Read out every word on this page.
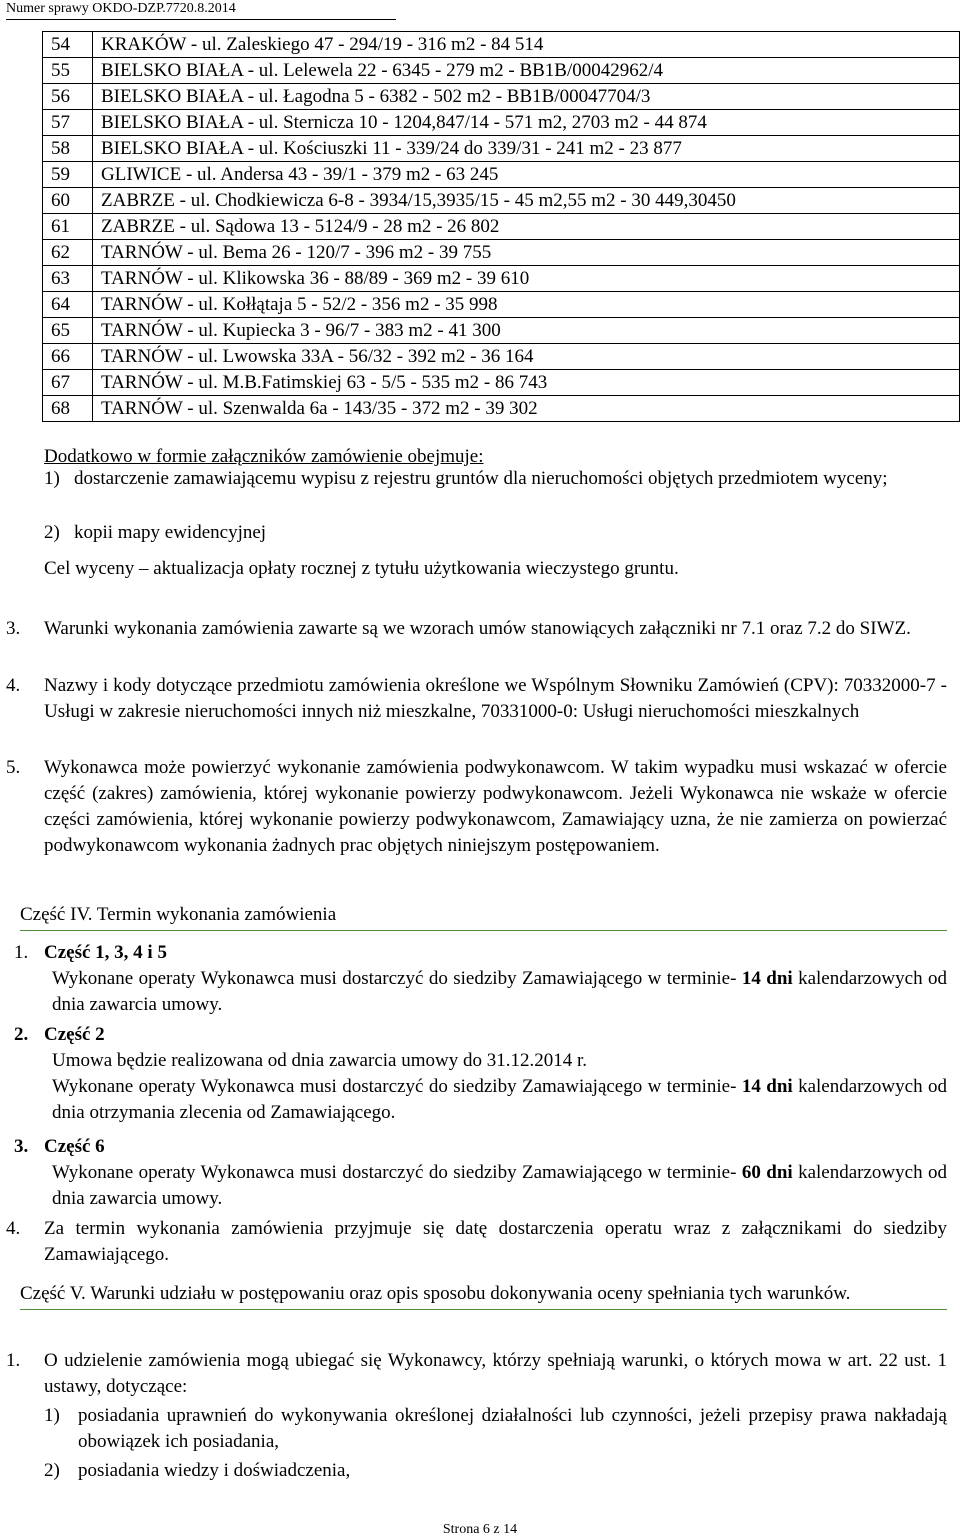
Numer sprawy OKDO-DZP.7720.8.2014
54	KRAKÓW - ul. Zaleskiego 47 - 294/19 - 316 m2 - 84 514
55	BIELSKO BIAŁA - ul. Lelewela 22 - 6345 - 279 m2 - BB1B/00042962/4
56	BIELSKO BIAŁA - ul. Łagodna 5 - 6382 - 502 m2 - BB1B/00047704/3
57	BIELSKO BIAŁA - ul. Sternicza 10 - 1204,847/14 - 571 m2, 2703 m2 - 44 874
58	BIELSKO BIAŁA - ul. Kościuszki 11 - 339/24 do 339/31 - 241 m2 - 23 877
59	GLIWICE - ul. Andersa 43 - 39/1 - 379 m2 - 63 245
60	ZABRZE - ul. Chodkiewicza 6-8 - 3934/15,3935/15 - 45 m2,55 m2 - 30 449,30450
61	ZABRZE - ul. Sądowa 13 - 5124/9 - 28 m2 - 26 802
62	TARNÓW - ul. Bema 26 - 120/7 - 396 m2 - 39 755
63	TARNÓW - ul. Klikowska 36 - 88/89 - 369 m2 - 39 610
64	TARNÓW - ul. Kołłątaja 5 - 52/2 - 356 m2 - 35 998
65	TARNÓW - ul. Kupiecka 3 - 96/7 - 383 m2 - 41 300
66	TARNÓW - ul. Lwowska 33A - 56/32 - 392 m2 - 36 164
67	TARNÓW - ul. M.B.Fatimskiej 63 - 5/5 - 535 m2 - 86 743
68	TARNÓW - ul. Szenwalda 6a - 143/35 - 372 m2 - 39 302
Dodatkowo w formie załączników zamówienie obejmuje:
1) dostarczenie zamawiającemu wypisu z rejestru gruntów dla nieruchomości objętych przedmiotem wyceny;
2) kopii mapy ewidencyjnej
Cel wyceny – aktualizacja opłaty rocznej z tytułu użytkowania wieczystego gruntu.
3.	Warunki wykonania zamówienia zawarte są we wzorach umów stanowiących załączniki nr 7.1 oraz 7.2 do SIWZ.
4.	Nazwy i kody dotyczące przedmiotu zamówienia określone we Wspólnym Słowniku Zamówień (CPV): 70332000-7 - Usługi w zakresie nieruchomości innych niż mieszkalne, 70331000-0: Usługi nieruchomości mieszkalnych
5.	Wykonawca może powierzyć wykonanie zamówienia podwykonawcom. W takim wypadku musi wskazać w ofercie część (zakres) zamówienia, której wykonanie powierzy podwykonawcom. Jeżeli Wykonawca nie wskaże w ofercie części zamówienia, której wykonanie powierzy podwykonawcom, Zamawiający uzna, że nie zamierza on powierzać podwykonawcom wykonania żadnych prac objętych niniejszym postępowaniem.
Część IV. Termin wykonania zamówienia
1. Część 1, 3, 4 i 5
Wykonane operaty Wykonawca musi dostarczyć do siedziby Zamawiającego w terminie- 14 dni kalendarzowych od dnia zawarcia umowy.
2. Część 2
Umowa będzie realizowana od dnia zawarcia umowy do 31.12.2014 r.
Wykonane operaty Wykonawca musi dostarczyć do siedziby Zamawiającego w terminie- 14 dni kalendarzowych od dnia otrzymania zlecenia od Zamawiającego.
3. Część 6
Wykonane operaty Wykonawca musi dostarczyć do siedziby Zamawiającego w terminie- 60 dni kalendarzowych od dnia zawarcia umowy.
4.	Za termin wykonania zamówienia przyjmuje się datę dostarczenia operatu wraz z załącznikami do siedziby Zamawiającego.
Część V. Warunki udziału w postępowaniu oraz opis sposobu dokonywania oceny spełniania tych warunków.
1.	O udzielenie zamówienia mogą ubiegać się Wykonawcy, którzy spełniają warunki, o których mowa w art. 22 ust. 1 ustawy, dotyczące:
1) posiadania uprawnień do wykonywania określonej działalności lub czynności, jeżeli przepisy prawa nakładają obowiązek ich posiadania,
2) posiadania wiedzy i doświadczenia,
Strona 6 z 14
